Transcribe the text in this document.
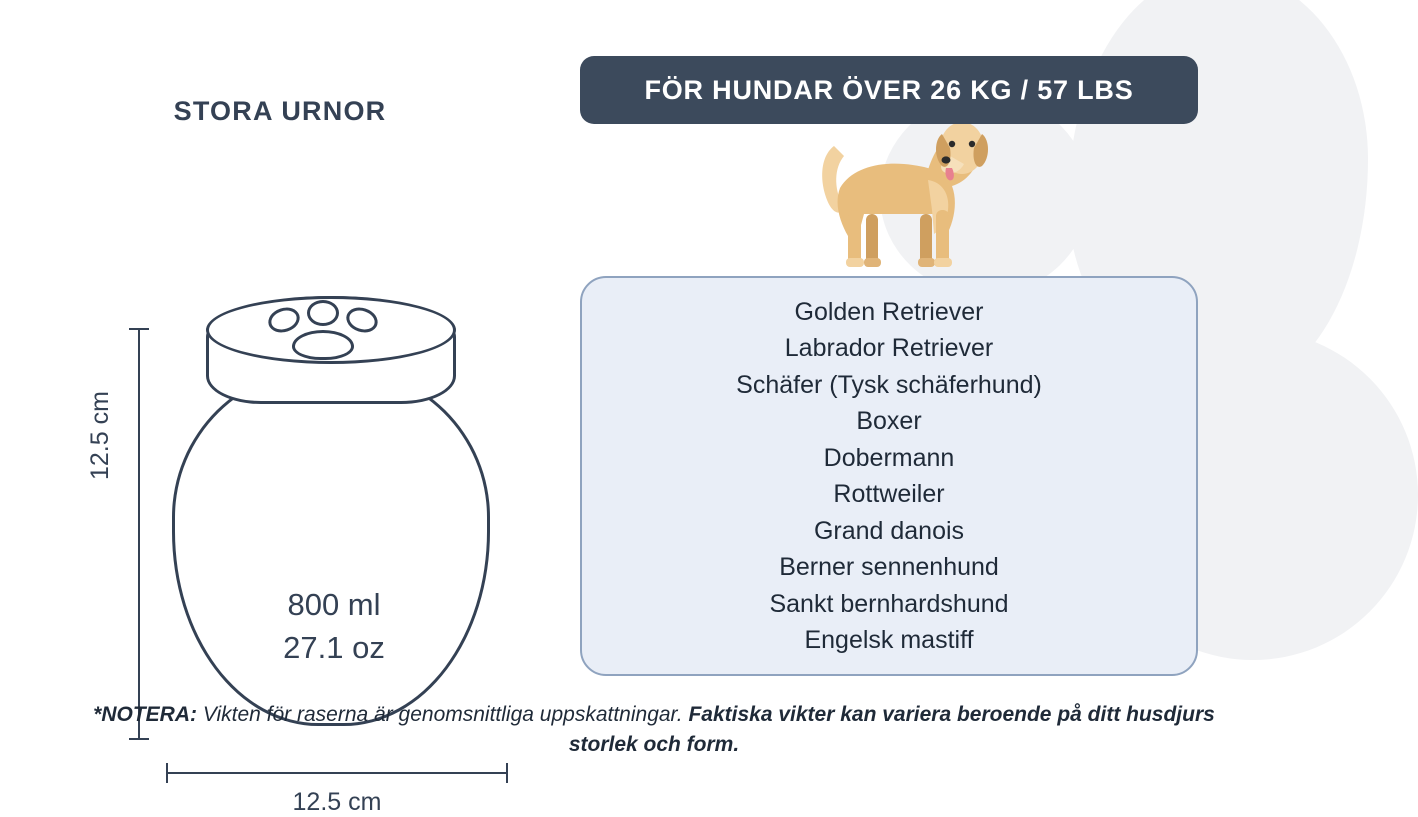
STORA URNOR
12.5 cm
12.5 cm
800 ml
27.1 oz
FÖR HUNDAR ÖVER 26 KG / 57 LBS
Golden Retriever
Labrador Retriever
Schäfer (Tysk schäferhund)
Boxer
Dobermann
Rottweiler
Grand danois
Berner sennenhund
Sankt bernhardshund
Engelsk mastiff
*NOTERA: Vikten för raserna är genomsnittliga uppskattningar. Faktiska vikter kan variera beroende på ditt husdjurs storlek och form.
